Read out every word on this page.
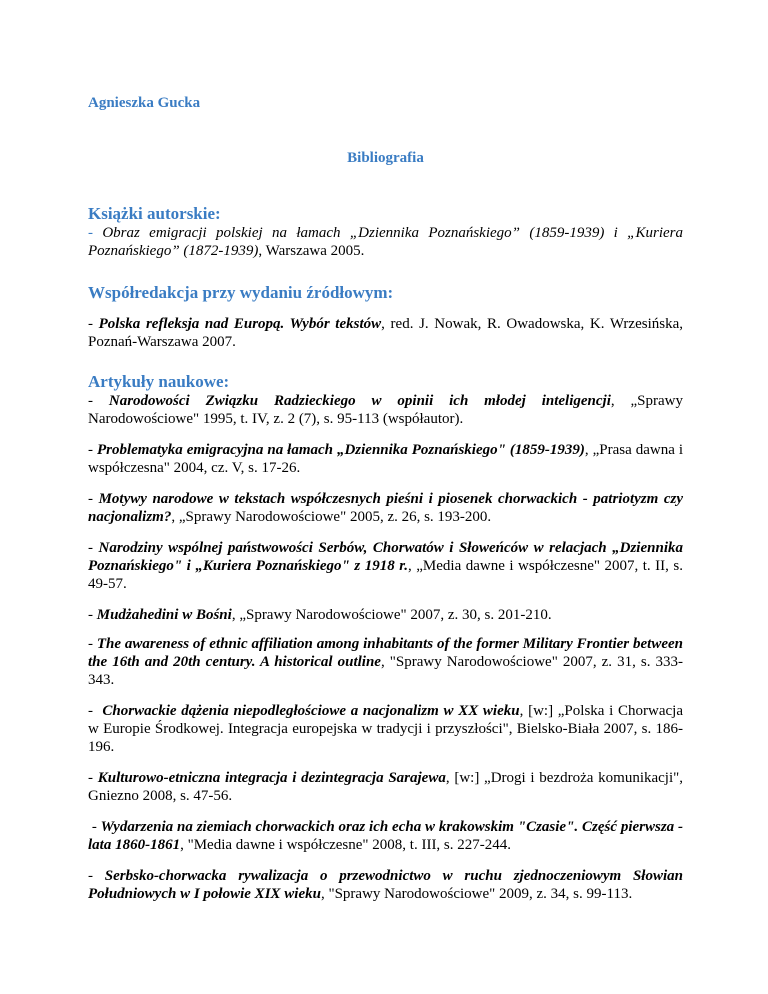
Agnieszka Gucka

Bibliografia

Książki autorskie:

- Obraz emigracji polskiej na łamach „Dziennika Poznańskiego” (1859-1939) i „Kuriera Poznańskiego” (1872-1939), Warszawa 2005.

Współredakcja przy wydaniu źródłowym:

- Polska refleksja nad Europą. Wybór tekstów, red. J. Nowak, R. Owadowska, K. Wrzesińska, Poznań-Warszawa 2007.

Artykuły naukowe:

- Narodowości Związku Radzieckiego w opinii ich młodej inteligencji, „Sprawy Narodowościowe" 1995, t. IV, z. 2 (7), s. 95-113 (współautor).

- Problematyka emigracyjna na łamach „Dziennika Poznańskiego" (1859-1939), „Prasa dawna i współczesna" 2004, cz. V, s. 17-26.

- Motywy narodowe w tekstach współczesnych pieśni i piosenek chorwackich - patriotyzm czy nacjonalizm?, „Sprawy Narodowościowe" 2005, z. 26, s. 193-200.

- Narodziny wspólnej państwowości Serbów, Chorwatów i Słoweńców w relacjach „Dziennika Poznańskiego" i „Kuriera Poznańskiego" z 1918 r., „Media dawne i współczesne" 2007, t. II, s. 49-57.

- Mudżahedini w Bośni, „Sprawy Narodowościowe" 2007, z. 30, s. 201-210.

- The awareness of ethnic affiliation among inhabitants of the former Military Frontier between the 16th and 20th century. A historical outline, "Sprawy Narodowościowe" 2007, z. 31, s. 333-343.

-  Chorwackie dążenia niepodległościowe a nacjonalizm w XX wieku, [w:] „Polska i Chorwacja w Europie Środkowej. Integracja europejska w tradycji i przyszłości", Bielsko-Biała 2007, s. 186-196.

- Kulturowo-etniczna integracja i dezintegracja Sarajewa, [w:] „Drogi i bezdroża komunikacji", Gniezno 2008, s. 47-56.

- Wydarzenia na ziemiach chorwackich oraz ich echa w krakowskim "Czasie". Część pierwsza - lata 1860-1861, "Media dawne i współczesne" 2008, t. III, s. 227-244.

- Serbsko-chorwacka rywalizacja o przewodnictwo w ruchu zjednoczeniowym Słowian Południowych w I połowie XIX wieku, "Sprawy Narodowościowe" 2009, z. 34, s. 99-113.
